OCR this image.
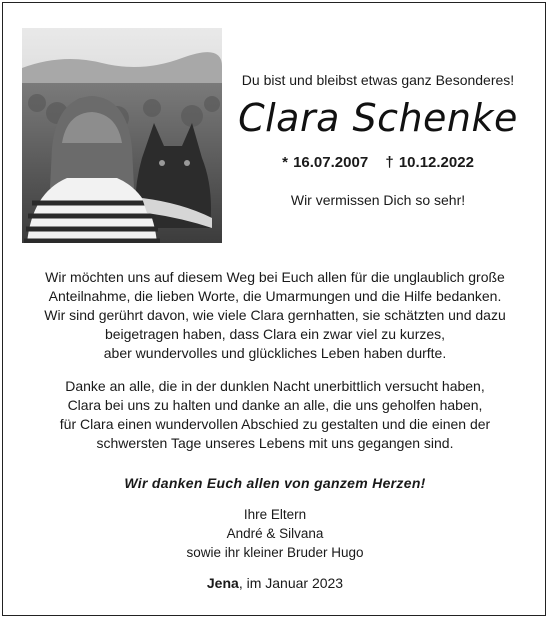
Du bist und bleibst etwas ganz Besonderes!
Clara Schenke
* 16.07.2007 † 10.12.2022
Wir vermissen Dich so sehr!

Wir möchten uns auf diesem Weg bei Euch allen für die unglaublich große

Anteilnahme, die lieben Worte, die Umarmungen und die Hilfe bedanken.

Wir sind gerührt davon, wie viele Clara gernhatten, sie schätzten und dazu

beigetragen haben, dass Clara ein zwar viel zu kurzes,

aber wundervolles und glückliches Leben haben durfte.

Danke an alle, die in der dunklen Nacht unerbittlich versucht haben,

Clara bei uns zu halten und danke an alle, die uns geholfen haben,

für Clara einen wundervollen Abschied zu gestalten und die einen der

schwersten Tage unseres Lebens mit uns gegangen sind.

Wir danken Euch allen von ganzem Herzen!
Ihre Eltern
André & Silvana
sowie ihr kleiner Bruder Hugo
Jena, im Januar 2023
